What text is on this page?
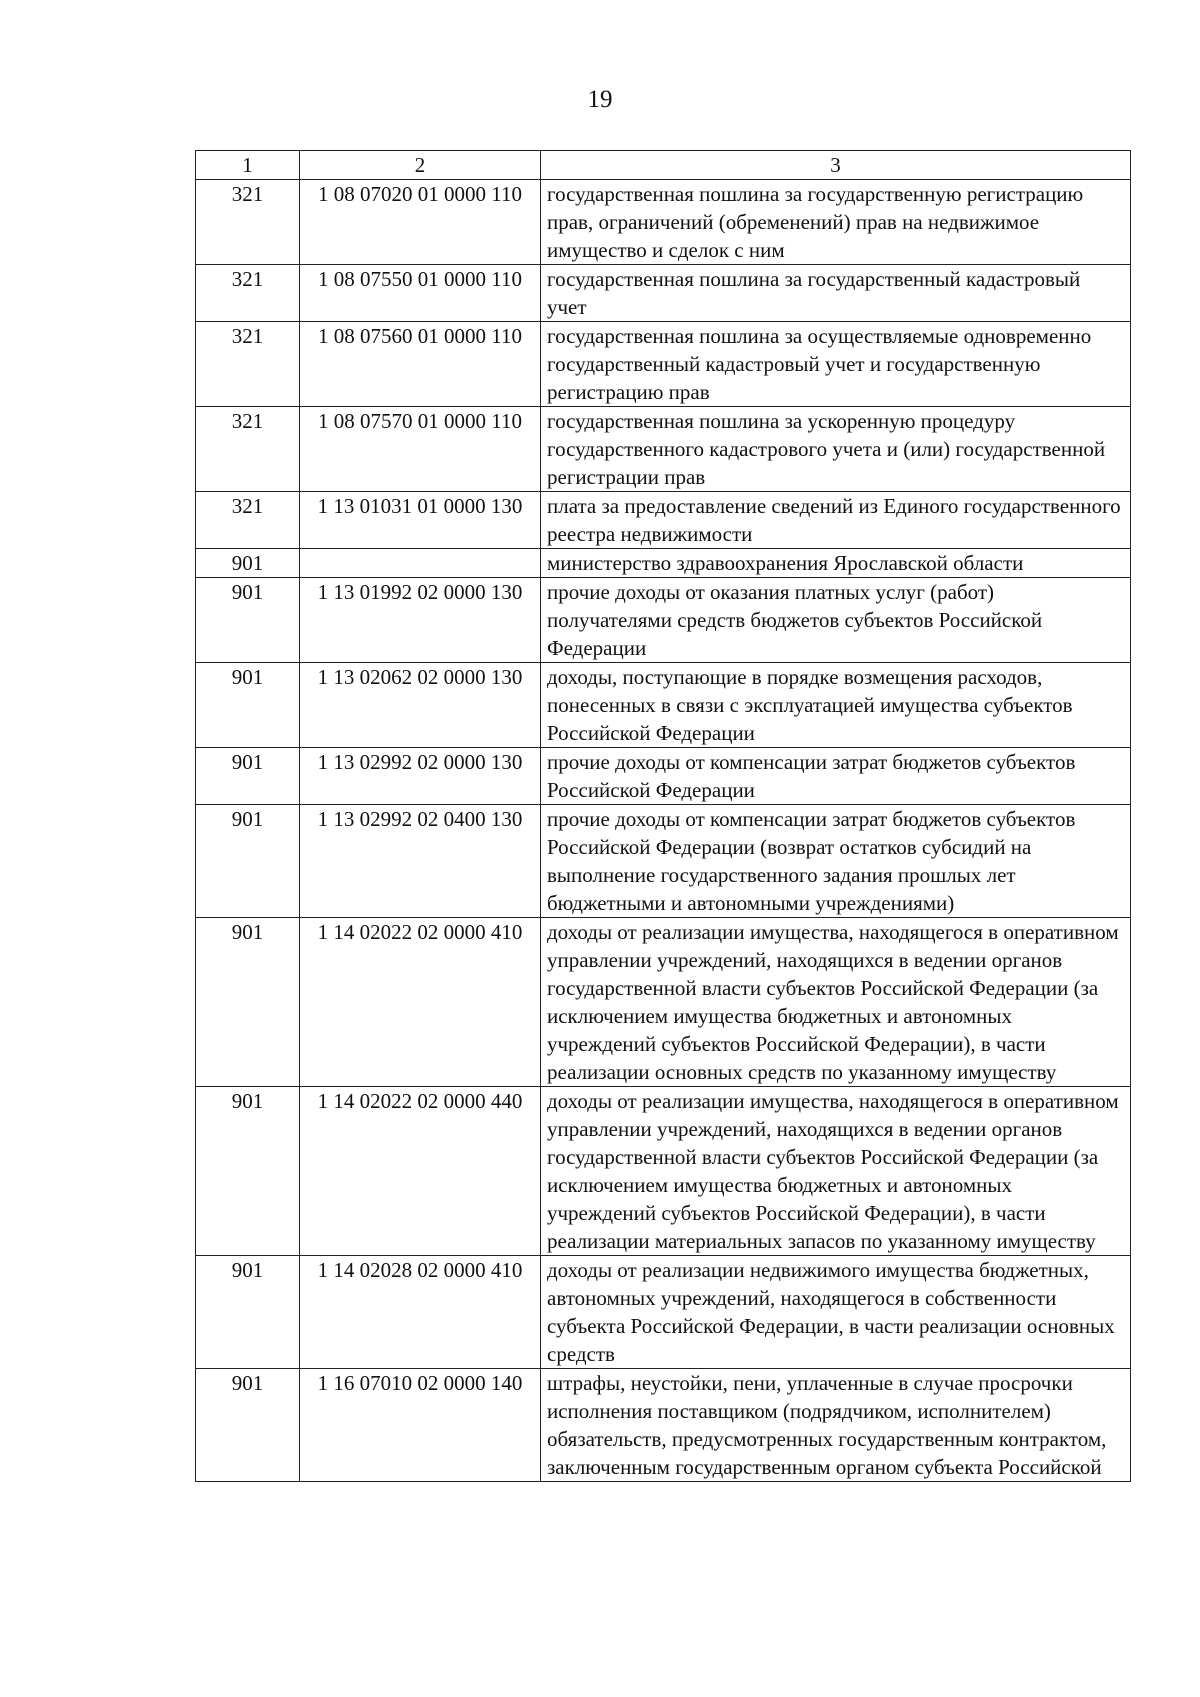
19
1	2	3
321	1 08 07020 01 0000 110	государственная пошлина за государственную регистрацию прав, ограничений (обременений) прав на недвижимое имущество и сделок с ним
321	1 08 07550 01 0000 110	государственная пошлина за государственный кадастровый учет
321	1 08 07560 01 0000 110	государственная пошлина за осуществляемые одновременно государственный кадастровый учет и государственную регистрацию прав
321	1 08 07570 01 0000 110	государственная пошлина за ускоренную процедуру государственного кадастрового учета и (или) государственной регистрации прав
321	1 13 01031 01 0000 130	плата за предоставление сведений из Единого государственного реестра недвижимости
901		министерство здравоохранения Ярославской области
901	1 13 01992 02 0000 130	прочие доходы от оказания платных услуг (работ) получателями средств бюджетов субъектов Российской Федерации
901	1 13 02062 02 0000 130	доходы, поступающие в порядке возмещения расходов, понесенных в связи с эксплуатацией имущества субъектов Российской Федерации
901	1 13 02992 02 0000 130	прочие доходы от компенсации затрат бюджетов субъектов Российской Федерации
901	1 13 02992 02 0400 130	прочие доходы от компенсации затрат бюджетов субъектов Российской Федерации (возврат остатков субсидий на выполнение государственного задания прошлых лет бюджетными и автономными учреждениями)
901	1 14 02022 02 0000 410	доходы от реализации имущества, находящегося в оперативном управлении учреждений, находящихся в ведении органов государственной власти субъектов Российской Федерации (за исключением имущества бюджетных и автономных учреждений субъектов Российской Федерации), в части реализации основных средств по указанному имуществу
901	1 14 02022 02 0000 440	доходы от реализации имущества, находящегося в оперативном управлении учреждений, находящихся в ведении органов государственной власти субъектов Российской Федерации (за исключением имущества бюджетных и автономных учреждений субъектов Российской Федерации), в части реализации материальных запасов по указанному имуществу
901	1 14 02028 02 0000 410	доходы от реализации недвижимого имущества бюджетных, автономных учреждений, находящегося в собственности субъекта Российской Федерации, в части реализации основных средств
901	1 16 07010 02 0000 140	штрафы, неустойки, пени, уплаченные в случае просрочки исполнения поставщиком (подрядчиком, исполнителем) обязательств, предусмотренных государственным контрактом, заключенным государственным органом субъекта Российской
